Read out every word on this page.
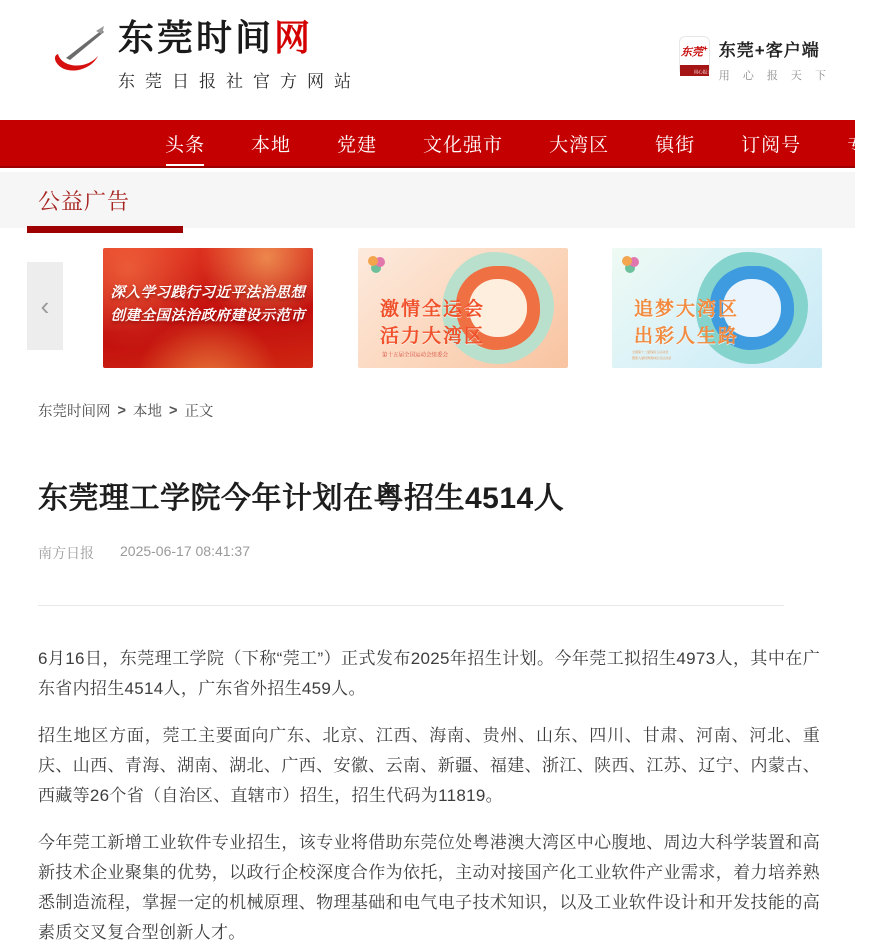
东莞时间网
东莞日报社官方网站
东莞+
用心报天下
东莞+客户端
用 心 报 天 下
头条 本地 党建 文化强市 大湾区 镇街 订阅号 专题
公益广告
‹	深入学习践行习近平法治思想
创建全国法治政府建设示范市	激情全运会
活力大湾区
第十五届全国运动会组委会
追梦大湾区
出彩人生路
全国第十二届残疾人运动会
暨第九届特殊奥林匹克运动会
东莞时间网 > 本地 > 正文
东莞理工学院今年计划在粤招生4514人
南方日报 2025-06-17 08:41:37

6月16日，东莞理工学院（下称“莞工”）正式发布2025年招生计划。今年莞工拟招生4973人，其中在广东省内招生4514人，广东省外招生459人。

招生地区方面，莞工主要面向广东、北京、江西、海南、贵州、山东、四川、甘肃、河南、河北、重庆、山西、青海、湖南、湖北、广西、安徽、云南、新疆、福建、浙江、陕西、江苏、辽宁、内蒙古、西藏等26个省（自治区、直辖市）招生，招生代码为11819。

今年莞工新增工业软件专业招生，该专业将借助东莞位处粤港澳大湾区中心腹地、周边大科学装置和高新技术企业聚集的优势，以政行企校深度合作为依托，主动对接国产化工业软件产业需求，着力培养熟悉制造流程，掌握一定的机械原理、物理基础和电气电子技术知识，以及工业软件设计和开发技能的高素质交叉复合型创新人才。
